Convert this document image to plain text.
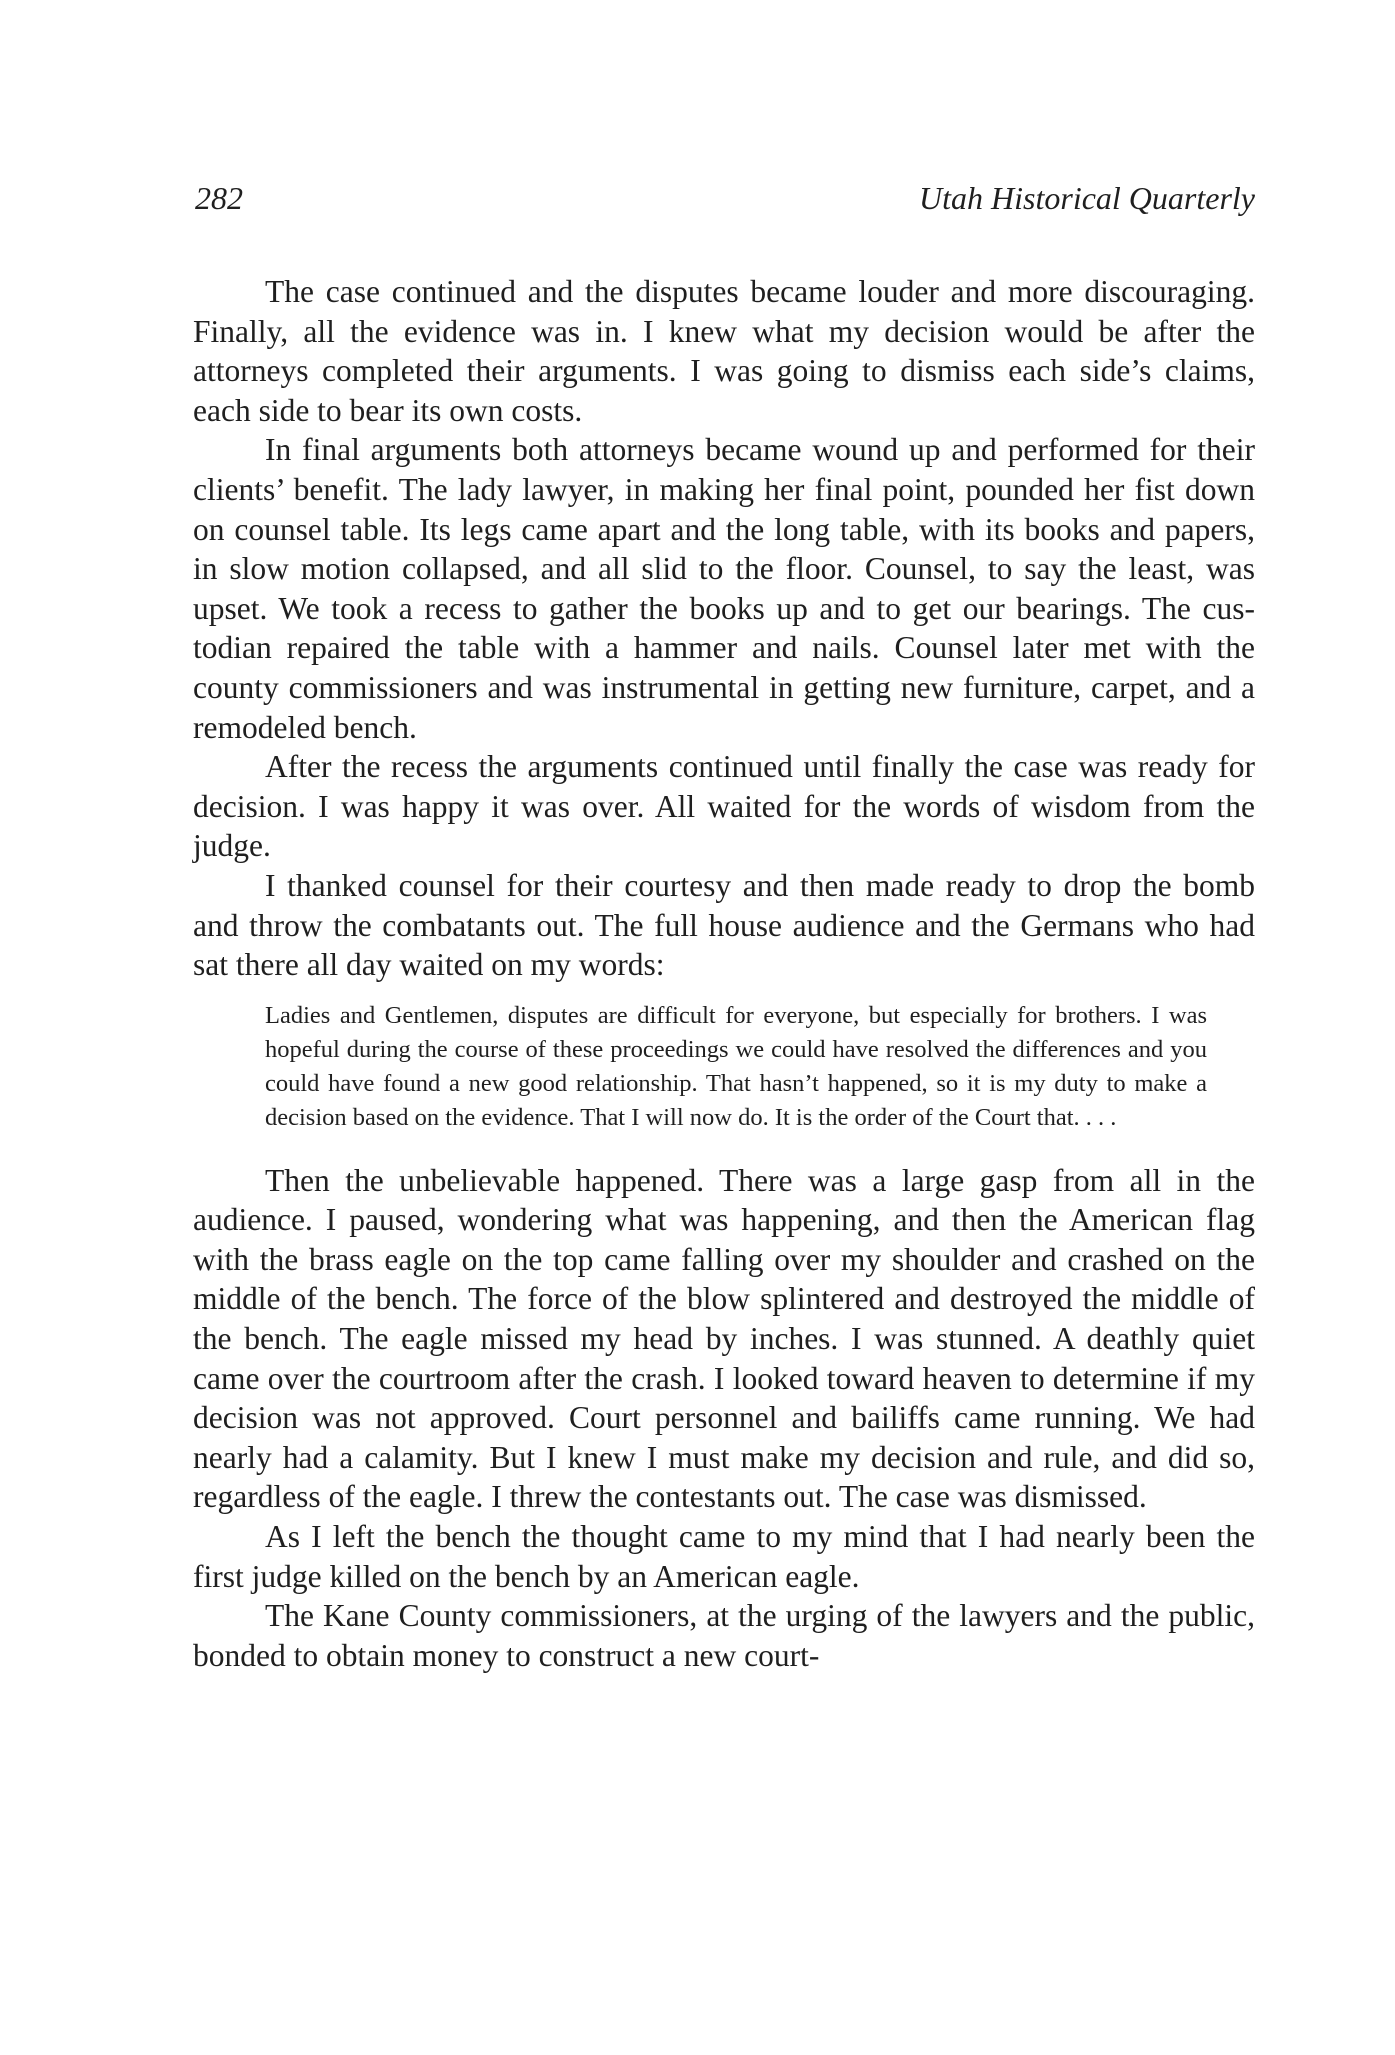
282	Utah Historical Quarterly

The case continued and the disputes became louder and more discouraging. Finally, all the evidence was in. I knew what my decision would be after the attorneys completed their arguments. I was going to dismiss each side’s claims, each side to bear its own costs.

In final arguments both attorneys became wound up and performed for their clients’ benefit. The lady lawyer, in making her final point, pounded her fist down on counsel table. Its legs came apart and the long table, with its books and papers, in slow motion collapsed, and all slid to the floor. Counsel, to say the least, was upset. We took a recess to gather the books up and to get our bearings. The custodian repaired the table with a hammer and nails. Counsel later met with the county commissioners and was instrumental in getting new furniture, carpet, and a remodeled bench.

After the recess the arguments continued until finally the case was ready for decision. I was happy it was over. All waited for the words of wisdom from the judge.

I thanked counsel for their courtesy and then made ready to drop the bomb and throw the combatants out. The full house audience and the Germans who had sat there all day waited on my words:

Ladies and Gentlemen, disputes are difficult for everyone, but especially for brothers. I was hopeful during the course of these proceedings we could have resolved the differences and you could have found a new good relationship. That hasn’t happened, so it is my duty to make a decision based on the evidence. That I will now do. It is the order of the Court that. . . .

Then the unbelievable happened. There was a large gasp from all in the audience. I paused, wondering what was happening, and then the American flag with the brass eagle on the top came falling over my shoulder and crashed on the middle of the bench. The force of the blow splintered and destroyed the middle of the bench. The eagle missed my head by inches. I was stunned. A deathly quiet came over the courtroom after the crash. I looked toward heaven to determine if my decision was not approved. Court personnel and bailiffs came running. We had nearly had a calamity. But I knew I must make my decision and rule, and did so, regardless of the eagle. I threw the contestants out. The case was dismissed.

As I left the bench the thought came to my mind that I had nearly been the first judge killed on the bench by an American eagle.

The Kane County commissioners, at the urging of the lawyers and the public, bonded to obtain money to construct a new court-
